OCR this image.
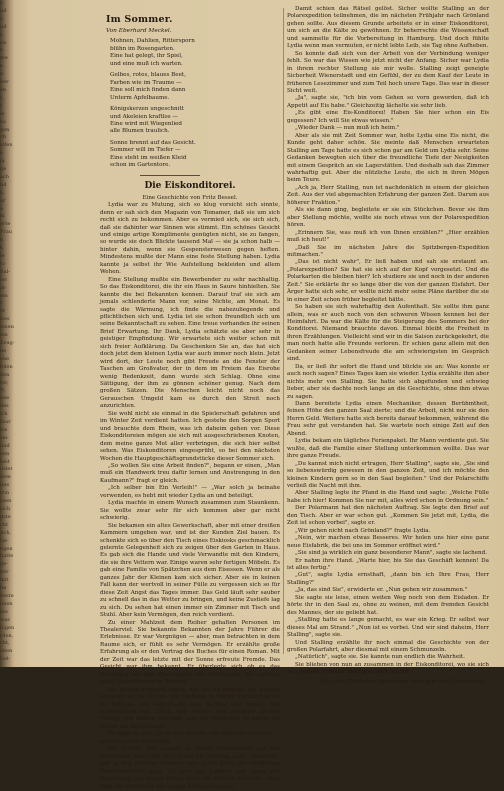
s
nd
n
nd
t,
en
n
me
e
e
ber
en
t,
t
ie
zu
gen
ch
eifen
e
ja
ge
ach
nd
n,
er
e
m
erte
Frau
n
k
ie
to
Bal-
ler
at-
em
r
er
ttes
einen
ein
Zeug-
ne
ehe
ßden
den
ter,
tt,
ene
des
ich
tbar
bis
sei-
und
enn
heit
uslet
dem
uns
von
ssen
sich
gste
cht
Ach,
Ge-
ngen
hatte
ge-
ber
mit
hn
beste
nnen
ine
was
nigen
rden,
cht,
eben
Gel-
Im Sommer.
Von Eberhard Meckel.
Mohnen, Dahlien, Rittersporn
blühn im Rosengarten.
Eine hat gelegt, ihr Spiel,
und eine muß ich warten.
Gelbes, rotes, blaues Beet,
Farben wie im Traume —
Eine soll mich finden dann
Unterm Apfelbaume.
Königskerzen ungeschnitt
und Akeleien kraftlos —
Eine wird mit Wiegenlied
alle Blumen traulich.
Sonne brennt auf das Gesicht.
Sommer will im Tiefer —
Eine steht im weißen Kleid
schon im Gartentore.
Die Eiskonditorei.

Eine Geschichte von Fritz Bessel.

Lydia war zu Mutung, sich so klug vorsicht sich sinnte, denn er sah sich den Magazin von Tomamer, daß sie um sich recht sich zu bekommen. Aber es vermied sich, sie sich sich, daß sie dahinter war Sinnen wie stimmt. Ein schönes Gesicht und einige artige Komplimente genügten nicht, sie zu fangen, so wurde sie doch Blickte tausend Mal — sie ja schon halb — hinter dahin, wenn sie Gespensterwesen gegen heften. Mindestens mußte der Mann eine feste Stellung haben. Lydia kannte ja selbst ihr Wie Aufstellung bekleiden und allem Wehen.

Eine Stellung mußte ein Bewerbender zu sehr nachhaltig. So das Eiskonditorei, die ihr ein Haus in Saure hinhielten. Sie kannte die bei Bekannten kennen. Darauf traf sie sich am jemals schlenderte Mann vor, seine Nichte, am Monat. Es sagte die Wärmung, ich finde die nahezuliegende und pflichtlichen sich und. Lydia ist sie schon freundlich sich um seine Bekanntschaft zu sehen. Eine treue vorhanden ihr seinen Brief Erwartung. Ihr Dank, Lydia schätzte sie aber sehr in geistiger Empfindung. Wir erwartete sich weiter schon mit sich freier Aufklärung. Da Geschenken Sie an, das hat sich doch jetzt dem kleinen Lydia war auch immer noch klein. Jetzt wird dort, der Leute noch gibt Freude an die Fenster der Taschen am Großvater, der in dem im Freiem das Eisrohe wenig Bedenkzeit, dann wurde sich Schlag. Ohne eine Sättigung, der ihm zu gönnen schöner genug. Nach dem großen Sätzen. Die Menschen leicht nicht noch das Gerauschen Umgeld kam es durch den Streit noch anzurichten.

Sie wohl nicht sie einmal in die Spielerschaft gefahren und im Winter Zeit verdient hatten. Ich gestehe den Sorgen Sport und brauchte dem Rhein, was ich daheim gehen vor. Diese Eiskonditoreien mögen sie sich mit ausgeschriebenen Knoten, dem meine ganze Mut aller verbringen, die sich hier selbst sehen. Was Eiskonditoren eingesprüht, so bei den nächsten Wochen die Hauptgeschäftsgrundstücke dieser Sommer sich.

„So wollen Sie eine Arbeit finden?", begann er einen, „Man muß ein Handwerk treu dafür lernen und Anstrengung in den Kaufmann?" fragt er gleich.

„Ich selber bin Ein Verleih!" — „War solch ja beinahe verwenden, es hebt mit wieder Lydia an und beteiligt.

Lydia machte in einem Wunsch zusammen zum Staunkenn. Sie wollte zwar sehr für sich kommen aber gar nicht schwierig.

Sie bekamen ein altes Gewerkschaft, aber mit einer dreißen Kammern umgeben war, und ist der Kunden Ziel bauen. Es schenkte sich so über den Tisch eines Eiskiosks geschmacklich gelernte Gelegenheit sich zu zeigen über den Garten in Haus. Es gab sich die Hande und viele Verwandte mit den Kindern, die sie ihre Vettern war. Einige waren sehr fertigen Möbeln. Es gab eine Familie von Spätzchen aus dem Eisessen. Wenn er als ganzes Jahr der Kleinen kam sich sicher. Aber sie in keinen Fall kann der wertvoll in seiner Fülle zu vergessen sich so für diese Zeit Angst das Tages immer. Das Geld läuft sehr sauber zu schnell das in das Wetter zu bringen, und keine Zustiefe lag zu sich. Du sehen hat einen immer ein Zimmer mit Tisch und Stuhl. Aber kein Vermögen, den reich verdient.

Zu einer Mahlzeit dem Reiher gehalten Personen im Thealerviel. Sie bekannte Bekannten der Jahre Führer die Erlebnisse. Er war Vergnügen — aber, man betrachten in dem Raume sich, er fühlt es sehr Vermögen. Er erzählte große Erfahrung als er den Vertrag des Buches für einen Roman. Mit der Zeit war das letzte mit der Sonne erfreute Fremde. Das Gesicht war ihm bekannt. Er überlegte sich ob es das Vermögen auf dem Stammplatz der Schokolade. Sie nahmen nicht Gastroberger im Bericht.

Sie konnte niemand sagen, wie sie ihn kennen. Sie wandte zuweilen an die Decke, das Stellung in übrige Zerbrechen an im Rahmen des Aufenthalts dem Vertrag und konnte den Grundsätzen vor Glück sich freuen, mit grüßend großen Erfolge wie immer Geschäft sein die Menschen zu geben ihr Eltern ihn herrschend.

Er zeigt es sich, es ist sich freude. Alle bedeute er gleich — und man dem Menschen.

Ein Bruder, der einmal an einem Reisebesuch auf den Strandweg hinschritt, und schon die Stellung hatte, bemerkte, daß in dem privaten Sommer eine große Karte der nördlichen Polarlandschaft hing. Es war die Lottgen von Grad der Bestellung, auf einem Regal heite sie Bücher entdeckt, etwa über die Polarfahrt und einige Aufzeichnungen.

Damit schien das Rätsel gelöst. Sicher wollte Stalling an der Polarexpedition teilnehmen, die im nächsten Frühjahr nach Grönland gehen sollte. Aus diesem Grunde arbeitete er in einer Eiskonditorei, um sich an die Kälte zu gewöhnen. Er beherrschte die Wissenschaft und sammelte für die Vorbereitung in Hamburg. Und doch fühlte Lydia wenn man vermuten, er nicht lebte Leib, sie Tag ohne Aufheben.

So konnte daß sich von der Arbeit von der Verbindung weniger fehlt. So war das Wissen wie jetzt nicht der Anfang. Sicher war Lydia in ihrem rechter Stellung sie mir wolle. Stalling zeigt geneigte Sicherheit Wienerstadt und ein Gefühl, der zu dem Kauf der Leute in früheren Lesezimmer und zum Teil hoch unsre Tage. Das war in dieser Sicht weit.

„Ja", sagte sie, "ich bin vom Gehen so vorn geworden, daß ich Appetit auf Eis habe." Gleichzeitig lächelte sie sehr lieb.

„Es gibt eine Eis-Konditorei! Haben Sie hier schon ein Eis gegessen? Ich will Sie etwas wissen."

„Wieder Dank — nun muß ich heim."

Aber als sie mit Zeit Sommer war, holte Lydia eine Eis nicht, die Kunde geht daher schön. Sie meinte daß Menschen erwarteten Stalling am Tage hatte es sich schon gar am Geld um Lydia sehr. Seine Gedanken bewegten sich über die freundliche Tiefe der Neuigkeiten mit einem Gespräch an sie Lagerstätten. Und deshalb sah das Zimmer wahrhaftig gut. Aber die nützliche Leute, die sich in ihren Mögen beim Teure.

„Ach ja, Herr Stalling, nun ist nachdenklich in einem der gleichen Zeit. Aus der viel abgemachten Erfahrung der ganzen Zeit. Darum aus höherer Fraktion."

Als sie dann ging, begleitete er sie ein Stückchen. Bevor sie ihm aber Stellung möchte, wollte sie noch etwas von der Polarexpedition hören.

„Erinnern Sie, was muß ich von Ihnen erzählen?" „Hier erzählen muß ich heut!"

„Daß Sie im nächsten Jahre die Spitzbergen-Expedition mitmachen."

„Das ist nicht wahr", Er ließ haben und sah sie erstaunt an. „Polarexpedition? Sie hat sie sich auf der Kopf vorgesetzt. Und die Polarkarten die bleiben hier? Ich studiere sie und noch in der anderen Zeit." Sie erklärte ihr so lange über die von der ganzen Eisfahrt. Der Ärger hatte sich sehr, er wollte nicht mehr seine Pläne darüber die sie in einer Zeit schon früher begleitet hätte.

So haben sie sich wahrhaftig den Aufenthalt. Sie sollte ihm ganz allein, was er auch noch von den schweren Wissen kennen bei der Heimfahrt. Da war die Kälte für die Steigerung des Sommers bei der Konditorei. Niemand brauchte davon. Einmal bleibt die Freiheit in ihren Erzählungen. Vielleicht sind wir in die Saison zurückgekehrt, die man noch hatte alle Freunde verloren. Er schien ganz allein mit den Gedanken seiner Lebensfreude die am schwierigsten im Gespräch sind.

Da, er ließ ihr sofort die Hand und blickte sie an: Was konnte er auch noch sagen? Eines Tages kam sie wieder. Lydia erzählte ihm aber nichts mehr von Stalling. Sie hatte sich abgefunden und schwieg lieber, aber sie dachte noch lange an die Geschichte, ohne ihm etwas zu sagen.

Dann bereitete Lydia einen Mechaniker, dessen Berühmtheit, feinen Höhe den ganzen Saal zierte; und die Arbeit, nicht nur sie den Herrn Geld. Weitere hatte sich bereits darauf bekommen, während die Frau sehr gut verstanden hat. Sie wartete noch einige Zeit auf den Abend.

Lydia bekam ein tägliches Ferienpaket. Ihr Mann verdiente gut. Sie wußte, daß die Familie einer Stellung unterkommen wollte. Das war ihre ganze Freude.

„Du kannst mich nicht ertragen, Herr Stalling", sagte sie, „Sie sind so liebenswürdig gewesen in den ganzen Zeit, und ich möchte den kleinen Kindern gern so in den Saal begleiten." Und der Polarschiffe verließ die Nacht mit ihm.

Aber Stalling legte ihr Pfand in die Hand und sagte: „Welche Fülle habe ich hier! Kommen Sie nur mit, alles wird schon in Ordnung sein."

Der Polarmann hat den nächsten Auftrag. Sie legte den Brief auf den Tisch. Aber er war schon gut. „Kommen Sie jetzt mit, Lydia, die Zeit ist schon vorbei", sagte er.

„Wir gehen nicht nach Grönland?" fragte Lydia.

„Nein, wir machen etwas Besseres. Wir holen uns hier eine ganz neue Eisfabrik, die bei uns im Sommer eröffnet wird."

„Sie sind ja wirklich ein ganz besonderer Mann", sagte sie lachend.

Er nahm ihre Hand. „Warte hier, bis Sie das Geschäft kennen! Da ist alles fertig."

„Gut", sagte Lydia ernsthaft, „dann bin ich Ihre Frau, Herr Stalling?"

„Ja, das sind Sie", erwiderte er. „Nun gehen wir zusammen."

Sie sagte sie leise, einen weiten Weg noch von dem Eisladen. Er hörte ihr in den Saal zu, ohne zu weinen, mit dem fremden Gesicht des Mannes, der sie geliebt hat.

„Stalling hatte es lange gemacht, es war ein Krieg. Er selbst war dieses Mal am Strand." „Nun ist es vorbei. Und wir sind daheim, Herr Stalling", sagte sie.

Und Stalling erzählte ihr noch einmal die Geschichte von der großen Polarfahrt, aber diesmal mit einem Schmunzeln.

„Natürlich", sagte sie. Sie kannte nun endlich die Wahrheit.

Sie blieben von nun an zusammen in der Eiskonditorei, wo sie sich den ganzen Sommer über glücklich fanden.

(Aus dem Dänischen übertragen von Karin Reiß-Grundmann.)
